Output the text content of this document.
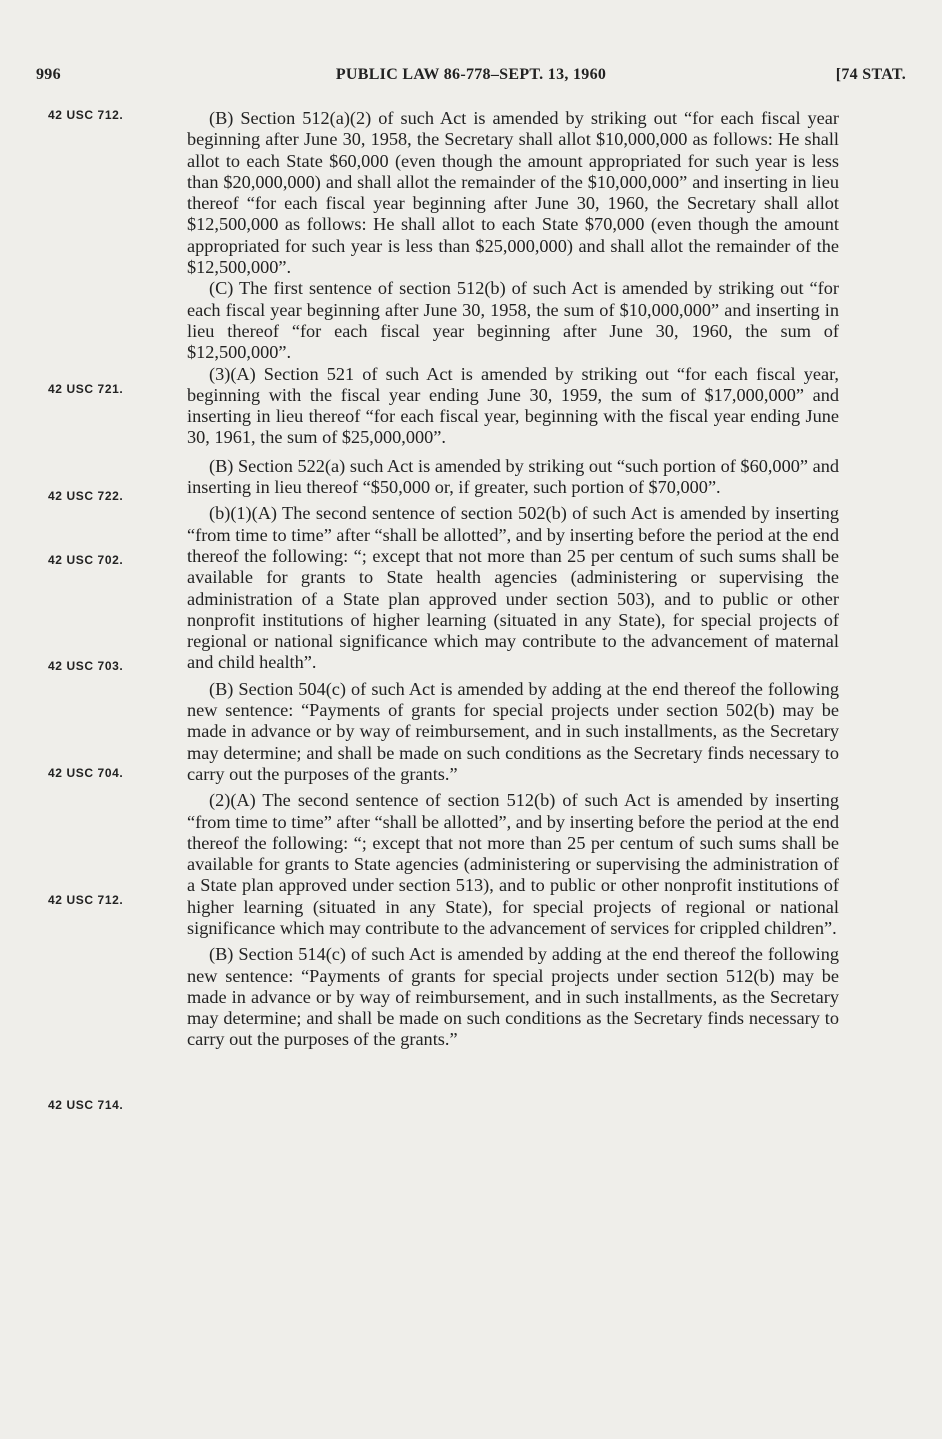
996	PUBLIC LAW 86-778–SEPT. 13, 1960	[74 STAT.
42 USC 712.
42 USC 721.
42 USC 722.
42 USC 702.
42 USC 703.
42 USC 704.
42 USC 712.
42 USC 714.

(B) Section 512(a)(2) of such Act is amended by striking out “for each fiscal year beginning after June 30, 1958, the Secretary shall allot $10,000,000 as follows: He shall allot to each State $60,000 (even though the amount appropriated for such year is less than $20,000,000) and shall allot the remainder of the $10,000,000” and inserting in lieu thereof “for each fiscal year beginning after June 30, 1960, the Secretary shall allot $12,500,000 as follows: He shall allot to each State $70,000 (even though the amount appropriated for such year is less than $25,000,000) and shall allot the remainder of the $12,500,000”.

(C) The first sentence of section 512(b) of such Act is amended by striking out “for each fiscal year beginning after June 30, 1958, the sum of $10,000,000” and inserting in lieu thereof “for each fiscal year beginning after June 30, 1960, the sum of $12,500,000”.

(3)(A) Section 521 of such Act is amended by striking out “for each fiscal year, beginning with the fiscal year ending June 30, 1959, the sum of $17,000,000” and inserting in lieu thereof “for each fiscal year, beginning with the fiscal year ending June 30, 1961, the sum of $25,000,000”.

(B) Section 522(a) such Act is amended by striking out “such portion of $60,000” and inserting in lieu thereof “$50,000 or, if greater, such portion of $70,000”.

(b)(1)(A) The second sentence of section 502(b) of such Act is amended by inserting “from time to time” after “shall be allotted”, and by inserting before the period at the end thereof the following: “; except that not more than 25 per centum of such sums shall be available for grants to State health agencies (administering or supervising the administration of a State plan approved under section 503), and to public or other nonprofit institutions of higher learning (situated in any State), for special projects of regional or national significance which may contribute to the advancement of maternal and child health”.

(B) Section 504(c) of such Act is amended by adding at the end thereof the following new sentence: “Payments of grants for special projects under section 502(b) may be made in advance or by way of reimbursement, and in such installments, as the Secretary may determine; and shall be made on such conditions as the Secretary finds necessary to carry out the purposes of the grants.”

(2)(A) The second sentence of section 512(b) of such Act is amended by inserting “from time to time” after “shall be allotted”, and by inserting before the period at the end thereof the following: “; except that not more than 25 per centum of such sums shall be available for grants to State agencies (administering or supervising the administration of a State plan approved under section 513), and to public or other nonprofit institutions of higher learning (situated in any State), for special projects of regional or national significance which may contribute to the advancement of services for crippled children”.

(B) Section 514(c) of such Act is amended by adding at the end thereof the following new sentence: “Payments of grants for special projects under section 512(b) may be made in advance or by way of reimbursement, and in such installments, as the Secretary may determine; and shall be made on such conditions as the Secretary finds necessary to carry out the purposes of the grants.”
